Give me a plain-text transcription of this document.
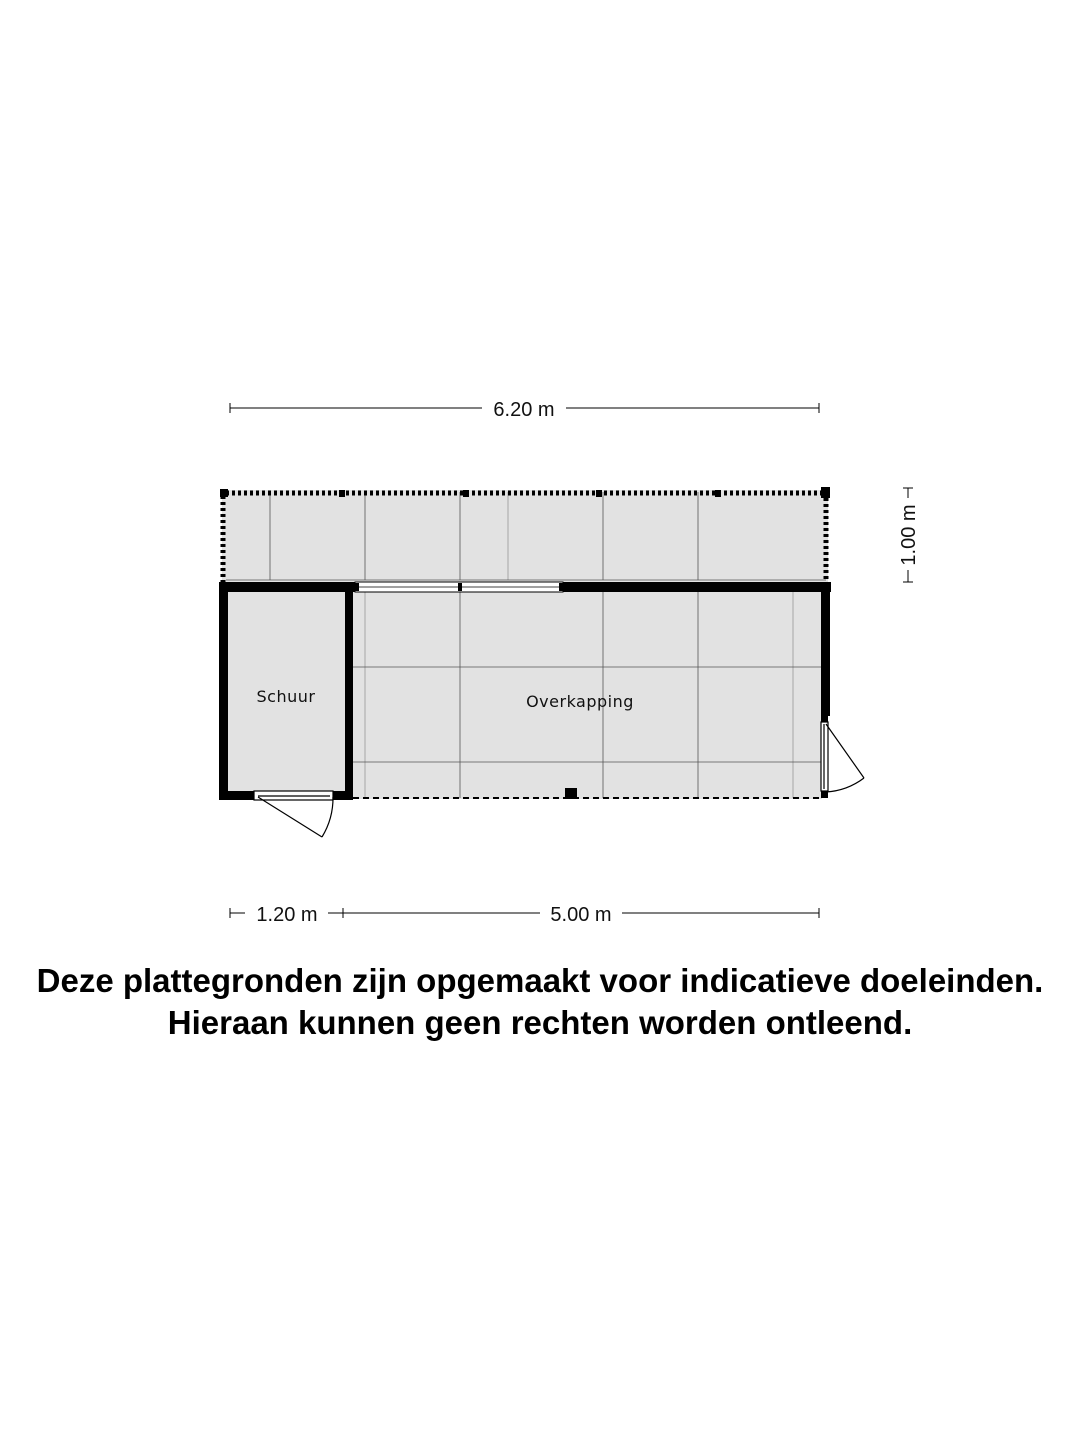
6.20 m
1.00 m
1.20 m	5.00 m
Schuur	Overkapping
Deze plattegronden zijn opgemaakt voor indicatieve doeleinden.
Hieraan kunnen geen rechten worden ontleend.
